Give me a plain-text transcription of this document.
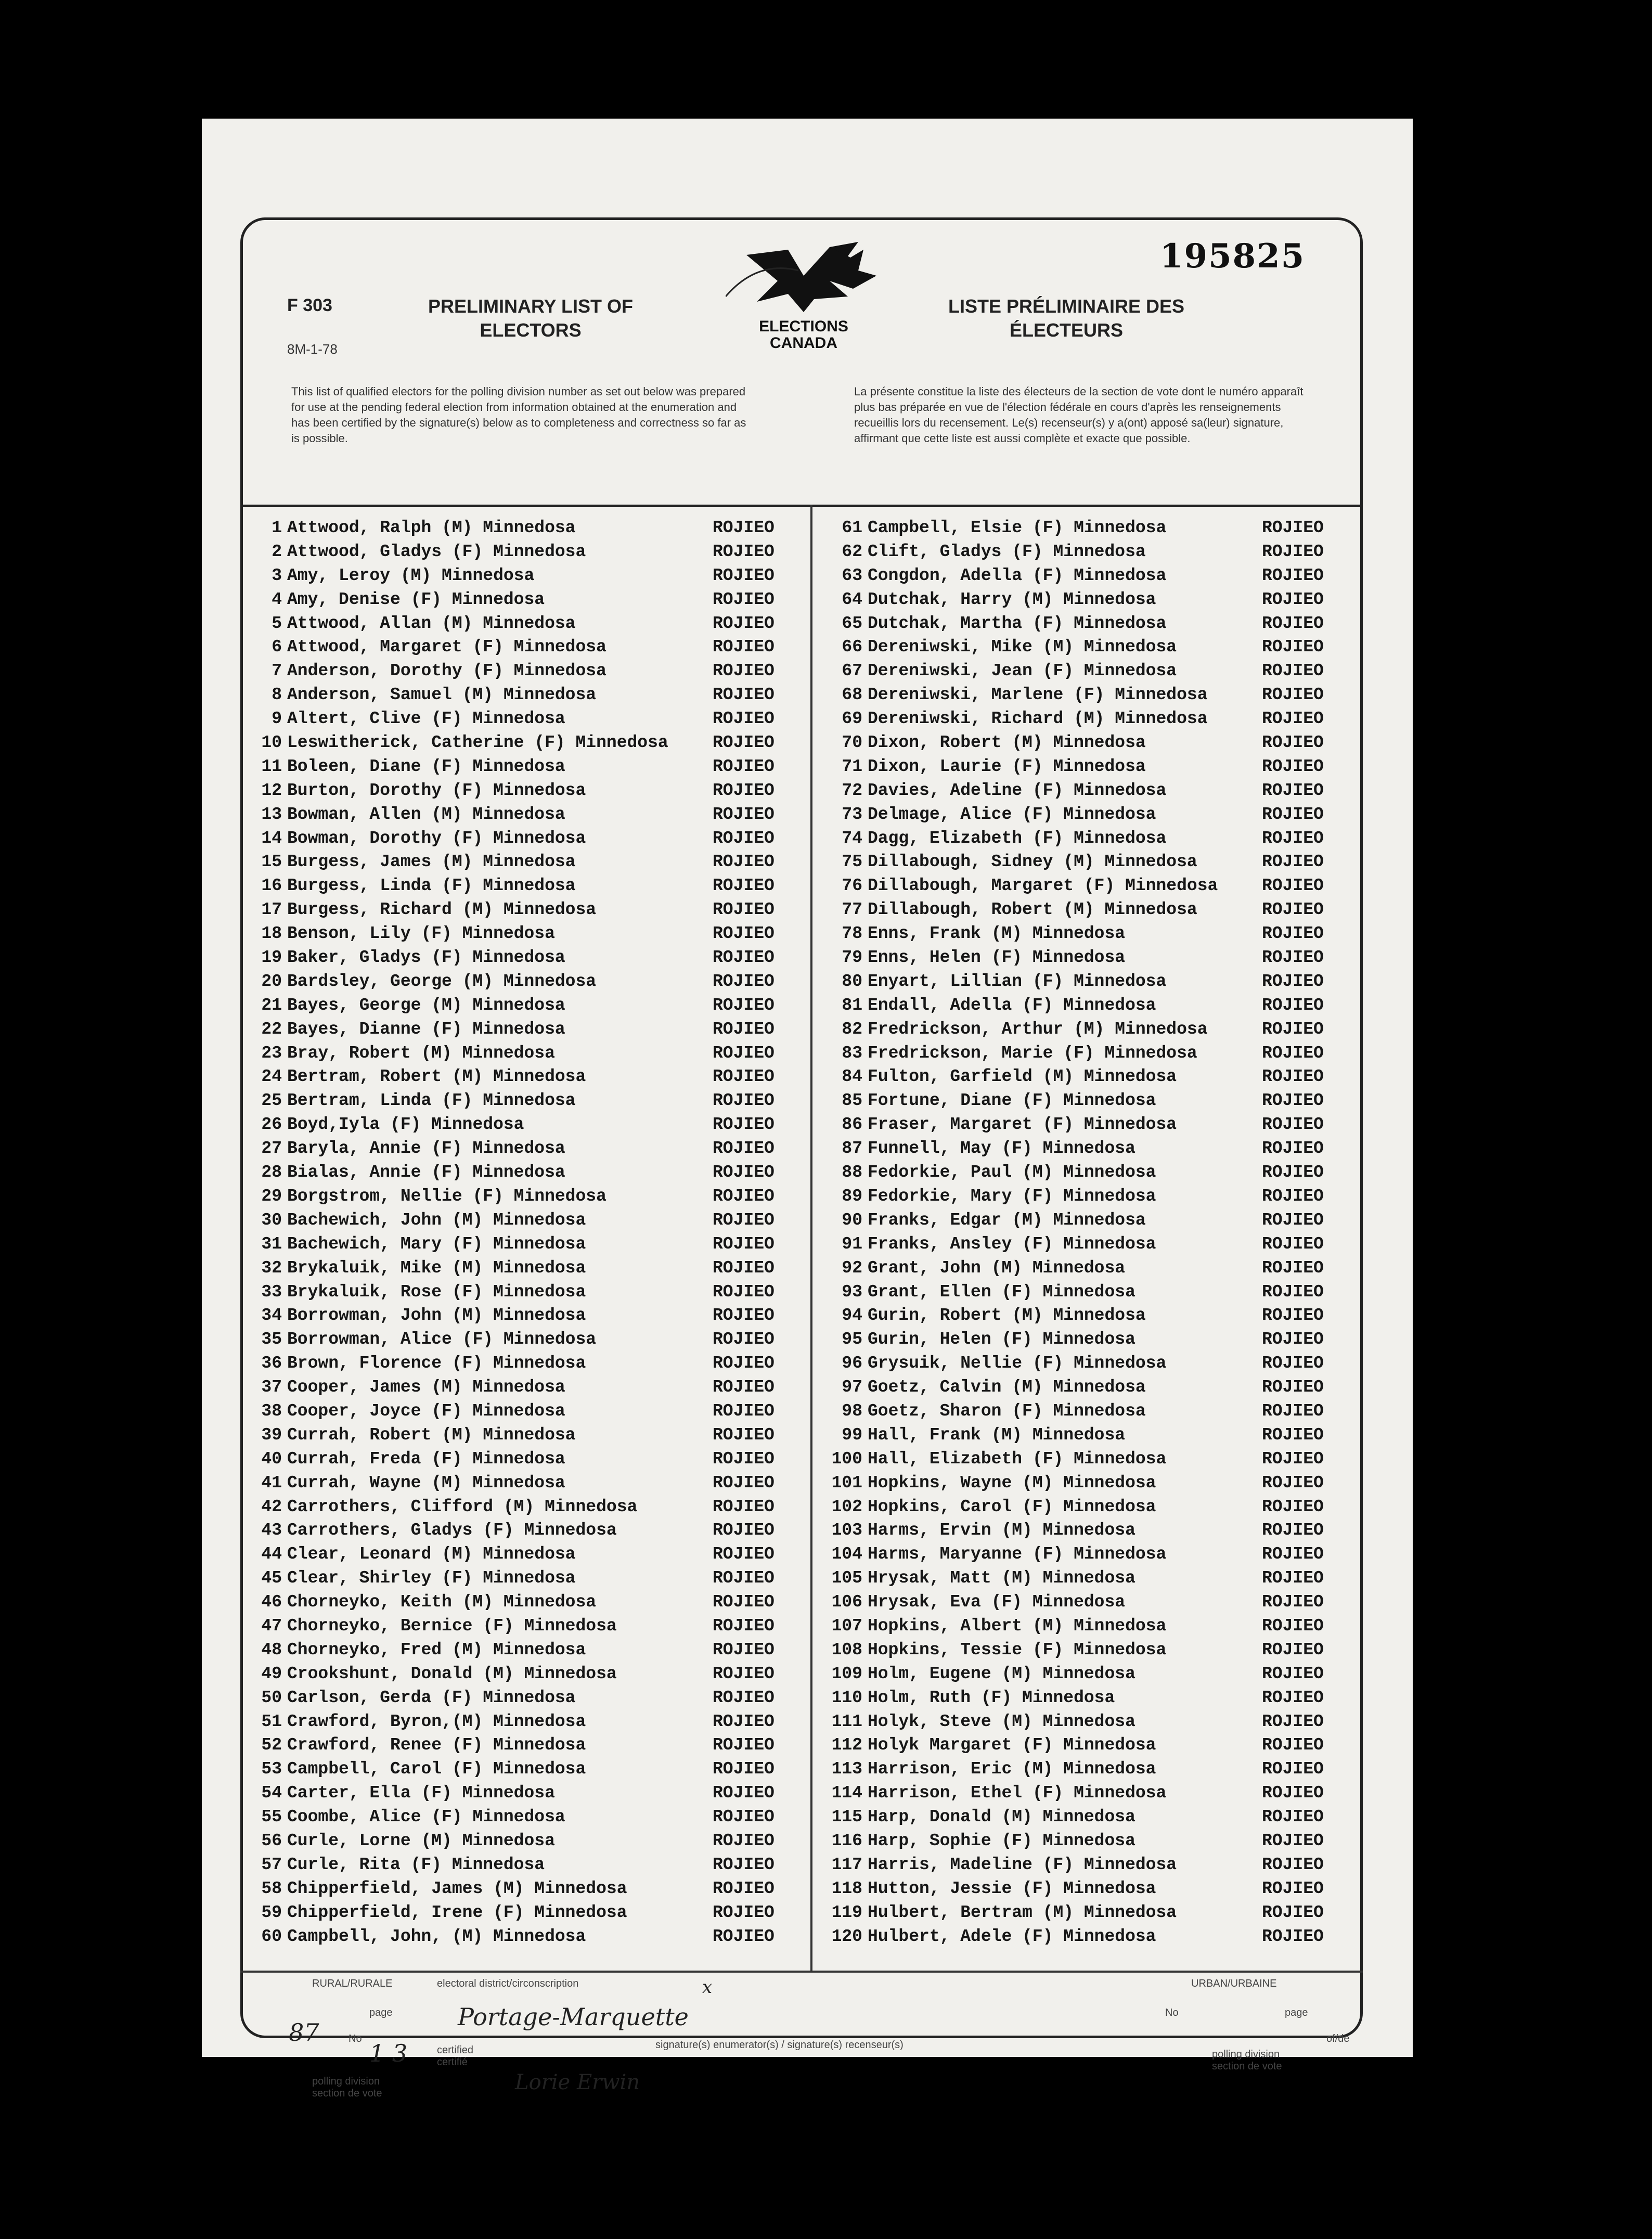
195825
F 303
8M-1-78
PRELIMINARY LIST OF ELECTORS
LISTE PRÉLIMINAIRE DES ÉLECTEURS
ELECTIONS CANADA
This list of qualified electors for the polling division number as set out below was prepared for use at the pending federal election from information obtained at the enumeration and has been certified by the signature(s) below as to completeness and correctness so far as is possible.
La présente constitue la liste des électeurs de la section de vote dont le numéro apparaît plus bas préparée en vue de l'élection fédérale en cours d'après les renseignements recueillis lors du recensement. Le(s) recenseur(s) y a(ont) apposé sa(leur) signature, affirmant que cette liste est aussi complète et exacte que possible.
1 Attwood, Ralph (M) Minnedosa	ROJIEO
2 Attwood, Gladys (F) Minnedosa	ROJIEO
3 Amy, Leroy (M) Minnedosa	ROJIEO
4 Amy, Denise (F) Minnedosa	ROJIEO
5 Attwood, Allan (M) Minnedosa	ROJIEO
6 Attwood, Margaret (F) Minnedosa	ROJIEO
7 Anderson, Dorothy (F) Minnedosa	ROJIEO
8 Anderson, Samuel (M) Minnedosa	ROJIEO
9 Altert, Clive (F) Minnedosa	ROJIEO
10 Leswitherick, Catherine (F) Minnedosa	ROJIEO
11 Boleen, Diane (F) Minnedosa	ROJIEO
12 Burton, Dorothy (F) Minnedosa	ROJIEO
13 Bowman, Allen (M) Minnedosa	ROJIEO
14 Bowman, Dorothy (F) Minnedosa	ROJIEO
15 Burgess, James (M) Minnedosa	ROJIEO
16 Burgess, Linda (F) Minnedosa	ROJIEO
17 Burgess, Richard (M) Minnedosa	ROJIEO
18 Benson, Lily (F) Minnedosa	ROJIEO
19 Baker, Gladys (F) Minnedosa	ROJIEO
20 Bardsley, George (M) Minnedosa	ROJIEO
21 Bayes, George (M) Minnedosa	ROJIEO
22 Bayes, Dianne (F) Minnedosa	ROJIEO
23 Bray, Robert (M) Minnedosa	ROJIEO
24 Bertram, Robert (M) Minnedosa	ROJIEO
25 Bertram, Linda (F) Minnedosa	ROJIEO
26 Boyd,Iyla (F) Minnedosa	ROJIEO
27 Baryla, Annie (F) Minnedosa	ROJIEO
28 Bialas, Annie (F) Minnedosa	ROJIEO
29 Borgstrom, Nellie (F) Minnedosa	ROJIEO
30 Bachewich, John (M) Minnedosa	ROJIEO
31 Bachewich, Mary (F) Minnedosa	ROJIEO
32 Brykaluik, Mike (M) Minnedosa	ROJIEO
33 Brykaluik, Rose (F) Minnedosa	ROJIEO
34 Borrowman, John (M) Minnedosa	ROJIEO
35 Borrowman, Alice (F) Minnedosa	ROJIEO
36 Brown, Florence (F) Minnedosa	ROJIEO
37 Cooper, James (M) Minnedosa	ROJIEO
38 Cooper, Joyce (F) Minnedosa	ROJIEO
39 Currah, Robert (M) Minnedosa	ROJIEO
40 Currah, Freda (F) Minnedosa	ROJIEO
41 Currah, Wayne (M) Minnedosa	ROJIEO
42 Carrothers, Clifford (M) Minnedosa	ROJIEO
43 Carrothers, Gladys (F) Minnedosa	ROJIEO
44 Clear, Leonard (M) Minnedosa	ROJIEO
45 Clear, Shirley (F) Minnedosa	ROJIEO
46 Chorneyko, Keith (M) Minnedosa	ROJIEO
47 Chorneyko, Bernice (F) Minnedosa	ROJIEO
48 Chorneyko, Fred (M) Minnedosa	ROJIEO
49 Crookshunt, Donald (M) Minnedosa	ROJIEO
50 Carlson, Gerda (F) Minnedosa	ROJIEO
51 Crawford, Byron,(M) Minnedosa	ROJIEO
52 Crawford, Renee (F) Minnedosa	ROJIEO
53 Campbell, Carol (F) Minnedosa	ROJIEO
54 Carter, Ella (F) Minnedosa	ROJIEO
55 Coombe, Alice (F) Minnedosa	ROJIEO
56 Curle, Lorne (M) Minnedosa	ROJIEO
57 Curle, Rita (F) Minnedosa	ROJIEO
58 Chipperfield, James (M) Minnedosa	ROJIEO
59 Chipperfield, Irene (F) Minnedosa	ROJIEO
60 Campbell, John, (M) Minnedosa	ROJIEO
61 Campbell, Elsie (F) Minnedosa	ROJIEO
62 Clift, Gladys (F) Minnedosa	ROJIEO
63 Congdon, Adella (F) Minnedosa	ROJIEO
64 Dutchak, Harry (M) Minnedosa	ROJIEO
65 Dutchak, Martha (F) Minnedosa	ROJIEO
66 Dereniwski, Mike (M) Minnedosa	ROJIEO
67 Dereniwski, Jean (F) Minnedosa	ROJIEO
68 Dereniwski, Marlene (F) Minnedosa	ROJIEO
69 Dereniwski, Richard (M) Minnedosa	ROJIEO
70 Dixon, Robert (M) Minnedosa	ROJIEO
71 Dixon, Laurie (F) Minnedosa	ROJIEO
72 Davies, Adeline (F) Minnedosa	ROJIEO
73 Delmage, Alice (F) Minnedosa	ROJIEO
74 Dagg, Elizabeth (F) Minnedosa	ROJIEO
75 Dillabough, Sidney (M) Minnedosa	ROJIEO
76 Dillabough, Margaret (F) Minnedosa	ROJIEO
77 Dillabough, Robert (M) Minnedosa	ROJIEO
78 Enns, Frank (M) Minnedosa	ROJIEO
79 Enns, Helen (F) Minnedosa	ROJIEO
80 Enyart, Lillian (F) Minnedosa	ROJIEO
81 Endall, Adella (F) Minnedosa	ROJIEO
82 Fredrickson, Arthur (M) Minnedosa	ROJIEO
83 Fredrickson, Marie (F) Minnedosa	ROJIEO
84 Fulton, Garfield (M) Minnedosa	ROJIEO
85 Fortune, Diane (F) Minnedosa	ROJIEO
86 Fraser, Margaret (F) Minnedosa	ROJIEO
87 Funnell, May (F) Minnedosa	ROJIEO
88 Fedorkie, Paul (M) Minnedosa	ROJIEO
89 Fedorkie, Mary (F) Minnedosa	ROJIEO
90 Franks, Edgar (M) Minnedosa	ROJIEO
91 Franks, Ansley (F) Minnedosa	ROJIEO
92 Grant, John (M) Minnedosa	ROJIEO
93 Grant, Ellen (F) Minnedosa	ROJIEO
94 Gurin, Robert (M) Minnedosa	ROJIEO
95 Gurin, Helen (F) Minnedosa	ROJIEO
96 Grysuik, Nellie (F) Minnedosa	ROJIEO
97 Goetz, Calvin (M) Minnedosa	ROJIEO
98 Goetz, Sharon (F) Minnedosa	ROJIEO
99 Hall, Frank (M) Minnedosa	ROJIEO
100 Hall, Elizabeth (F) Minnedosa	ROJIEO
101 Hopkins, Wayne (M) Minnedosa	ROJIEO
102 Hopkins, Carol (F) Minnedosa	ROJIEO
103 Harms, Ervin (M) Minnedosa	ROJIEO
104 Harms, Maryanne (F) Minnedosa	ROJIEO
105 Hrysak, Matt (M) Minnedosa	ROJIEO
106 Hrysak, Eva (F) Minnedosa	ROJIEO
107 Hopkins, Albert (M) Minnedosa	ROJIEO
108 Hopkins, Tessie (F) Minnedosa	ROJIEO
109 Holm, Eugene (M) Minnedosa	ROJIEO
110 Holm, Ruth (F) Minnedosa	ROJIEO
111 Holyk, Steve (M) Minnedosa	ROJIEO
112 Holyk Margaret (F) Minnedosa	ROJIEO
113 Harrison, Eric (M) Minnedosa	ROJIEO
114 Harrison, Ethel (F) Minnedosa	ROJIEO
115 Harp, Donald (M) Minnedosa	ROJIEO
116 Harp, Sophie (F) Minnedosa	ROJIEO
117 Harris, Madeline (F) Minnedosa	ROJIEO
118 Hutton, Jessie (F) Minnedosa	ROJIEO
119 Hulbert, Bertram (M) Minnedosa	ROJIEO
120 Hulbert, Adele (F) Minnedosa	ROJIEO
RURAL/RURALE	electoral district/circonscription	URBAN/URBAINE
page	page
No
No
of/de
certified certifié
signature(s) enumerator(s) / signature(s) recenseur(s)
polling division section de vote
polling division section de vote
87
1 3
Portage-Marquette
x
Lorie Erwin
